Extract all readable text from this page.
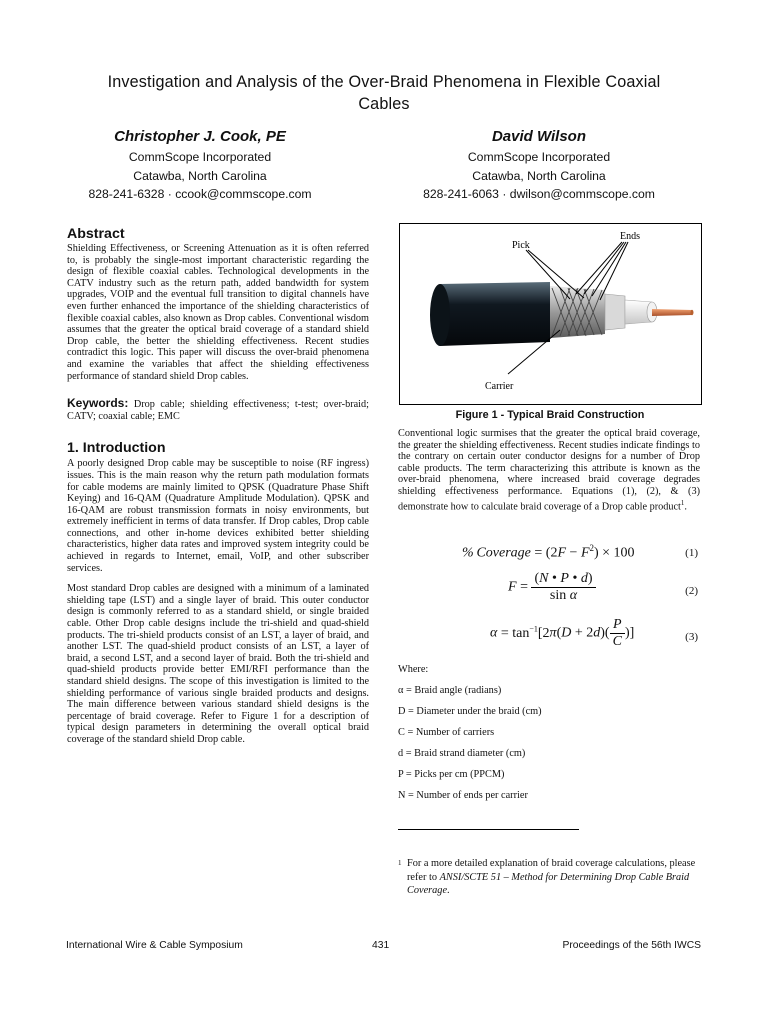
Investigation and Analysis of the Over-Braid Phenomena in Flexible Coaxial
Cables
Christopher J. Cook, PE
CommScope Incorporated
Catawba, North Carolina
828-241-6328 · ccook@commscope.com
David Wilson
CommScope Incorporated
Catawba, North Carolina
828-241-6063 · dwilson@commscope.com
Abstract

Shielding Effectiveness, or Screening Attenuation as it is often referred to, is probably the single-most important characteristic regarding the design of flexible coaxial cables. Technological developments in the CATV industry such as the return path, added bandwidth for system upgrades, VOIP and the eventual full transition to digital channels have even further enhanced the importance of the shielding characteristics of flexible coaxial cables, also known as Drop cables. Conventional wisdom assumes that the greater the optical braid coverage of a standard shield Drop cable, the better the shielding effectiveness. Recent studies contradict this logic. This paper will discuss the over-braid phenomena and examine the variables that affect the shielding effectiveness performance of standard shield Drop cables.

Keywords: Drop cable; shielding effectiveness; t-test; over-braid; CATV; coaxial cable; EMC

1. Introduction

A poorly designed Drop cable may be susceptible to noise (RF ingress) issues. This is the main reason why the return path modulation formats for cable modems are mainly limited to QPSK (Quadrature Phase Shift Keying) and 16-QAM (Quadrature Amplitude Modulation). QPSK and 16-QAM are robust transmission formats in noisy environments, but extremely inefficient in terms of data transfer. If Drop cables, Drop cable connections, and other in-home devices exhibited better shielding characteristics, higher data rates and improved system integrity could be achieved in regards to Internet, email, VoIP, and other subscriber services.

Most standard Drop cables are designed with a minimum of a laminated shielding tape (LST) and a single layer of braid. This outer conductor design is commonly referred to as a standard shield, or single braided cable. Other Drop cable designs include the tri-shield and quad-shield products. The tri-shield products consist of an LST, a layer of braid, and another LST. The quad-shield product consists of an LST, a layer of braid, a second LST, and a second layer of braid. Both the tri-shield and quad-shield products provide better EMI/RFI performance than the standard shield designs. The scope of this investigation is limited to the shielding performance of various single braided products and designs. The main difference between various standard shield designs is the percentage of braid coverage. Refer to Figure 1 for a description of typical design parameters in determining the overall optical braid coverage of the standard shield Drop cable.

Pick
Ends
Carrier
Figure 1 - Typical Braid Construction

Conventional logic surmises that the greater the optical braid coverage, the greater the shielding effectiveness. Recent studies indicate findings to the contrary on certain outer conductor designs for a number of Drop cable products. The term characterizing this attribute is known as the over-braid phenomena, where increased braid coverage degrades shielding effectiveness performance. Equations (1), (2), & (3) demonstrate how to calculate braid coverage of a Drop cable product$^1$.

% Coverage = $(2F - F^2) \times 100$	(1)
$F = \frac{(N • P • d)}{\text{sin α}}$	(2)
$\alpha = \tan^{-1}[2\pi(D + 2d)( \frac{P}{C}$ )]	(3)
Where:
α = Braid angle (radians)
D = Diameter under the braid (cm)
C = Number of carriers
d = Braid strand diameter (cm)
P = Picks per cm (PPCM)
N = Number of ends per carrier
$^1$ For a more detailed explanation of braid coverage calculations, please refer to ANSI/SCTE 51 – Method for Determining Drop Cable Braid Coverage.
International Wire & Cable Symposium	431	Proceedings of the 56th IWCS
